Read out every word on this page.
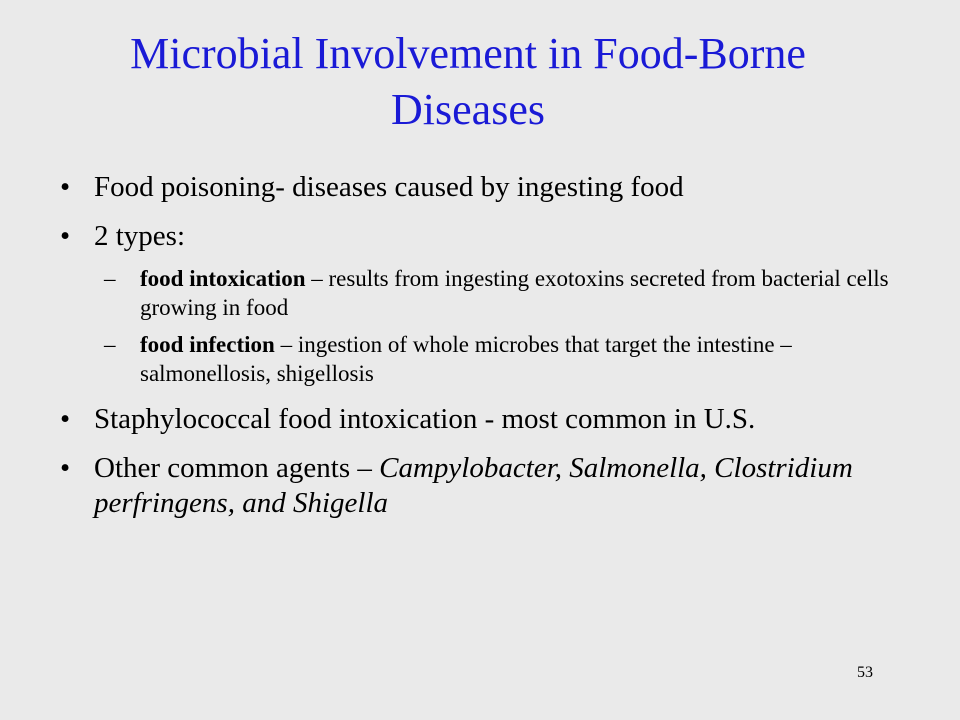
Microbial Involvement in Food-Borne
Diseases
• Food poisoning- diseases caused by ingesting food
• 2 types:
– food intoxication – results from ingesting exotoxins secreted from bacterial cells growing in food
– food infection – ingestion of whole microbes that target the intestine – salmonellosis, shigellosis
• Staphylococcal food intoxication - most common in U.S.
• Other common agents – Campylobacter, Salmonella, Clostridium perfringens, and Shigella
53
